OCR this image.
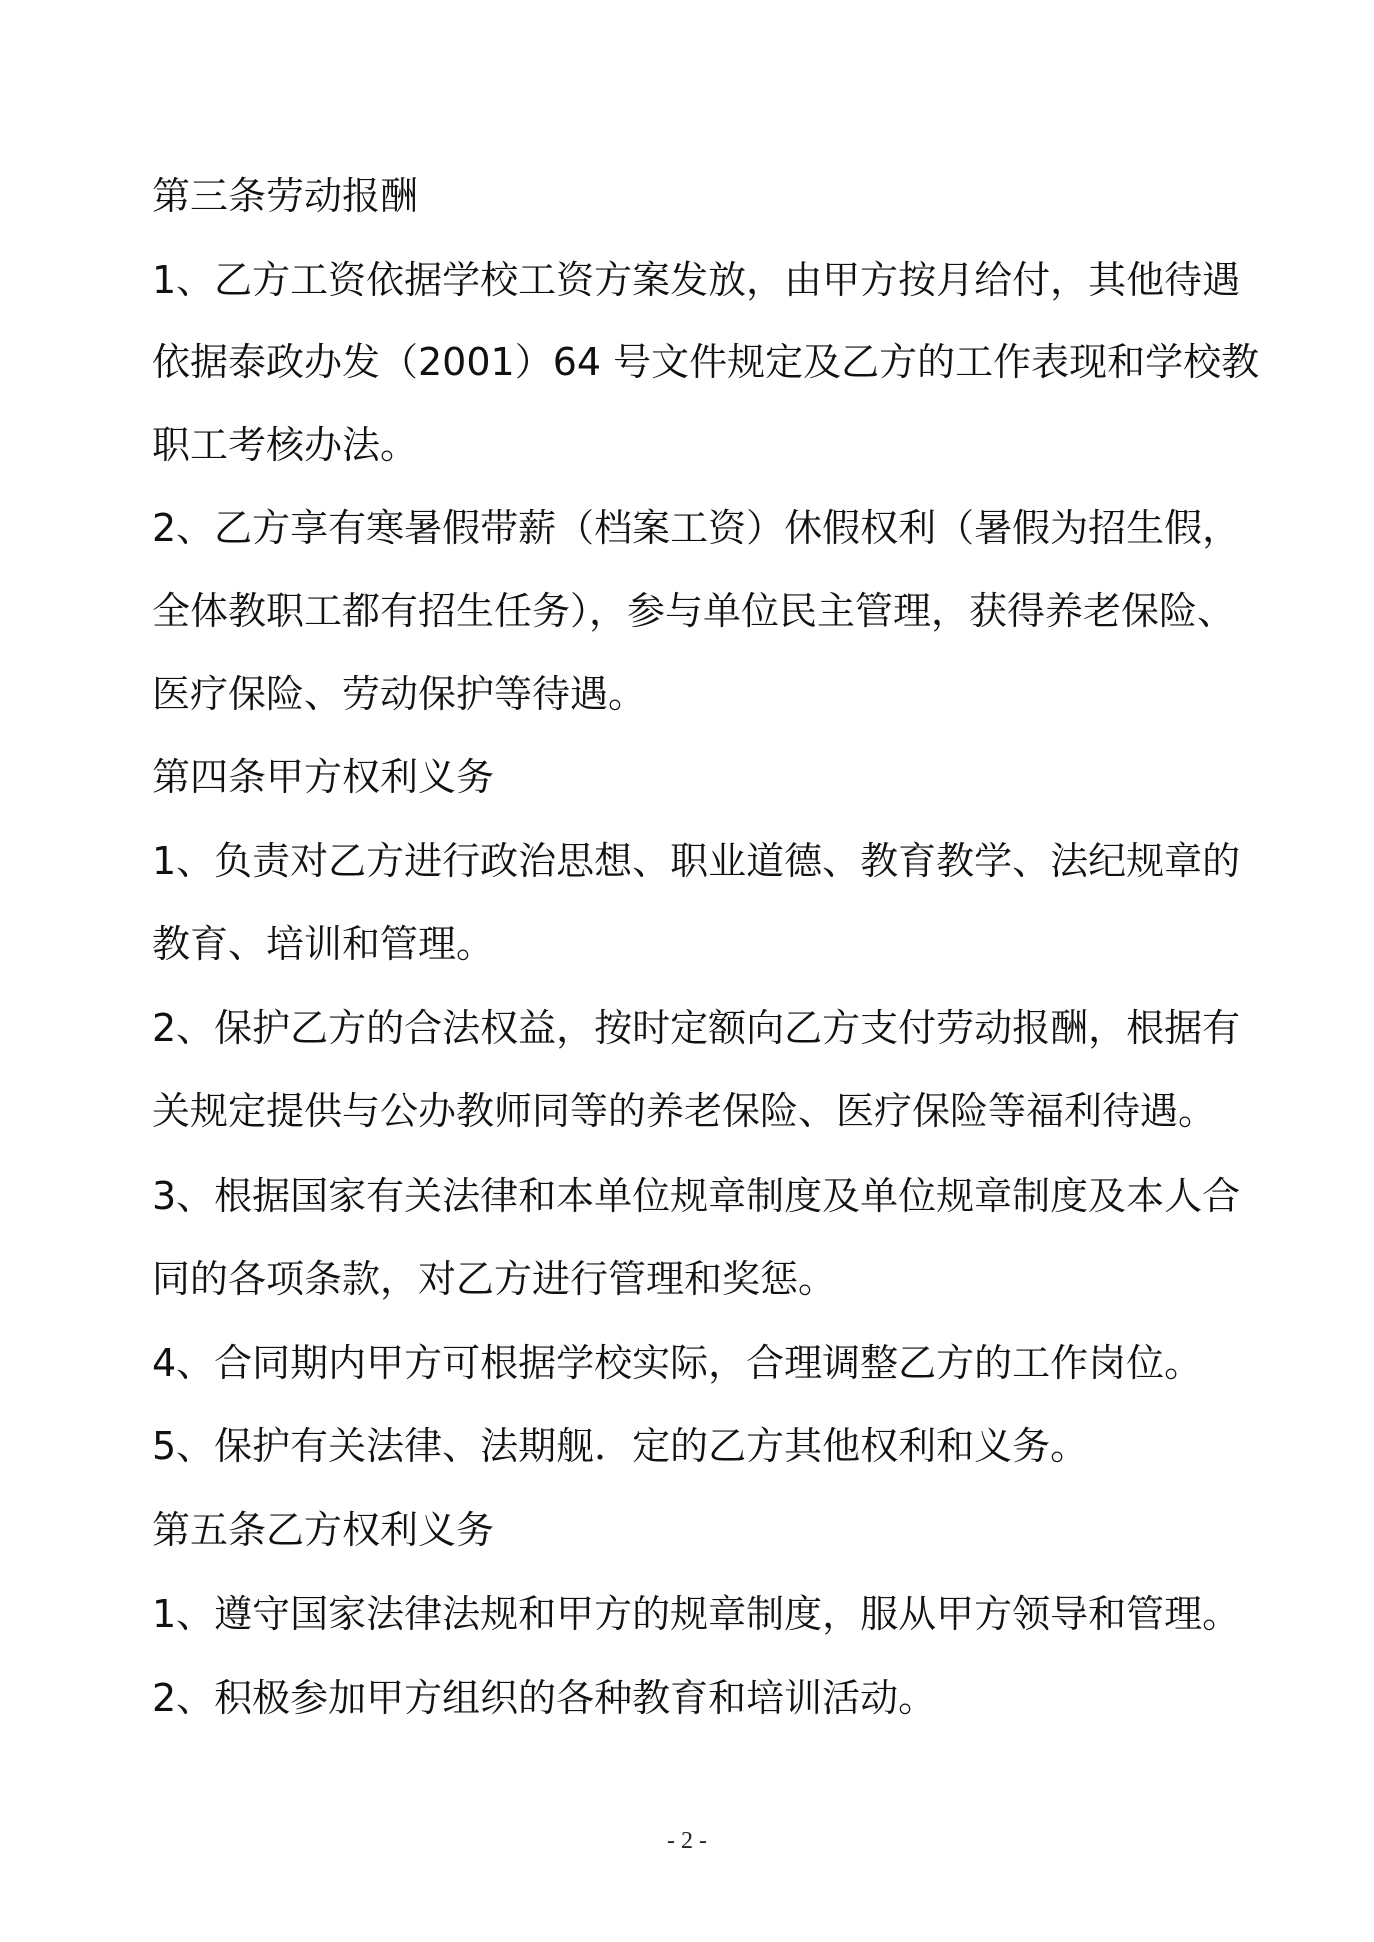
第三条劳动报酬
1、乙方工资依据学校工资方案发放，由甲方按月给付，其他待遇
依据泰政办发（2001）64 号文件规定及乙方的工作表现和学校教
职工考核办法。
2、乙方享有寒暑假带薪（档案工资）休假权利（暑假为招生假，
全体教职工都有招生任务），参与单位民主管理，获得养老保险、
医疗保险、劳动保护等待遇。
第四条甲方权利义务
1、负责对乙方进行政治思想、职业道德、教育教学、法纪规章的
教育、培训和管理。
2、保护乙方的合法权益，按时定额向乙方支付劳动报酬，根据有
关规定提供与公办教师同等的养老保险、医疗保险等福利待遇。
3、根据国家有关法律和本单位规章制度及单位规章制度及本人合
同的各项条款，对乙方进行管理和奖惩。
4、合同期内甲方可根据学校实际，合理调整乙方的工作岗位。
5、保护有关法律、法期舰．定的乙方其他权利和义务。
第五条乙方权利义务
1、遵守国家法律法规和甲方的规章制度，服从甲方领导和管理。
2、积极参加甲方组织的各种教育和培训活动。
- 2 -
